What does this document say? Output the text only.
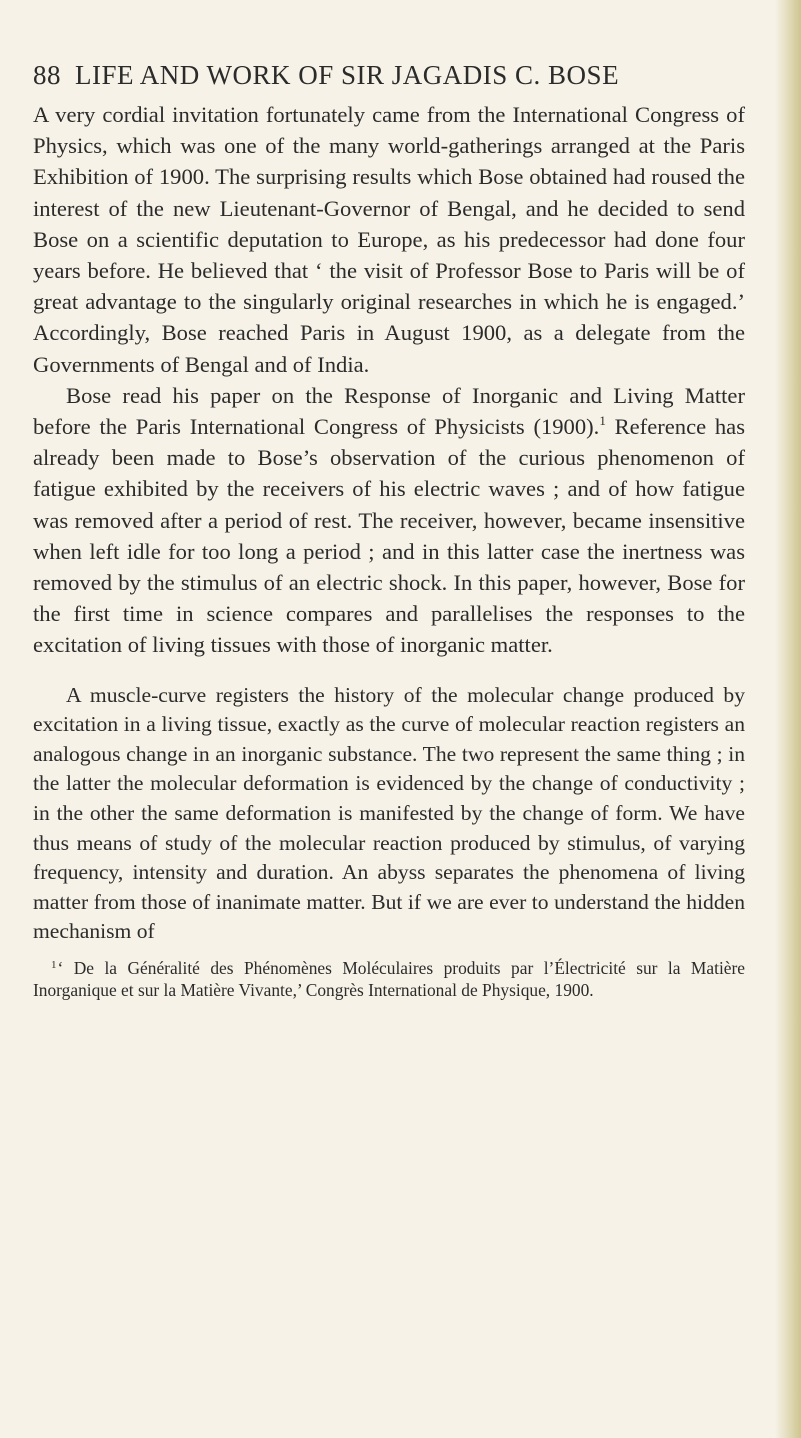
88 LIFE AND WORK OF SIR JAGADIS C. BOSE

A very cordial invitation fortunately came from the International Congress of Physics, which was one of the many world-gatherings arranged at the Paris Exhibition of 1900. The surprising results which Bose obtained had roused the interest of the new Lieutenant-Governor of Bengal, and he decided to send Bose on a scientific deputation to Europe, as his predecessor had done four years before. He believed that ‘ the visit of Professor Bose to Paris will be of great advantage to the singularly original researches in which he is engaged.’ Accordingly, Bose reached Paris in August 1900, as a delegate from the Governments of Bengal and of India.

Bose read his paper on the Response of Inorganic and Living Matter before the Paris International Congress of Physicists (1900).$^1$ Reference has already been made to Bose’s observation of the curious phenomenon of fatigue exhibited by the receivers of his electric waves ; and of how fatigue was removed after a period of rest. The receiver, however, became insensitive when left idle for too long a period ; and in this latter case the inertness was removed by the stimulus of an electric shock. In this paper, however, Bose for the first time in science compares and parallelises the responses to the excitation of living tissues with those of inorganic matter.

A muscle-curve registers the history of the molecular change produced by excitation in a living tissue, exactly as the curve of molecular reaction registers an analogous change in an inorganic substance. The two represent the same thing ; in the latter the molecular deformation is evidenced by the change of conductivity ; in the other the same deformation is manifested by the change of form. We have thus means of study of the molecular reaction produced by stimulus, of varying frequency, intensity and duration. An abyss separates the phenomena of living matter from those of inanimate matter. But if we are ever to understand the hidden mechanism of

$^1$‘ De la Généralité des Phénomènes Moléculaires produits par l’Électricité sur la Matière Inorganique et sur la Matière Vivante,’ Congrès International de Physique, 1900.
